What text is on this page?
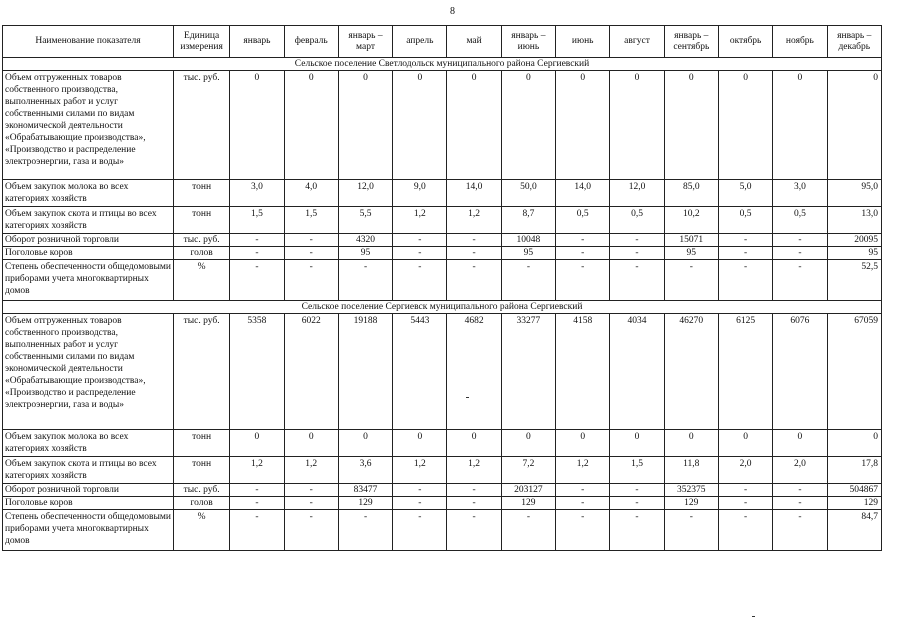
8
Наименование показателя	Единица измерения	январь	февраль	январь – март	апрель	май	январь – июнь	июнь	август	январь – сентябрь	октябрь	ноябрь	январь – декабрь
Сельское поселение Светлодольск муниципального района Сергиевский													
Объем отгруженных товаров собственного производства, выполненных работ и услуг собственными силами по видам экономической деятельности «Обрабатывающие производства», «Производство и распределение электроэнергии, газа и воды»	тыс. руб.	0	0	0	0	0	0	0	0	0	0	0	0
Объем закупок молока во всех категориях хозяйств	тонн	3,0	4,0	12,0	9,0	14,0	50,0	14,0	12,0	85,0	5,0	3,0	95,0
Объем закупок скота и птицы во всех категориях хозяйств	тонн	1,5	1,5	5,5	1,2	1,2	8,7	0,5	0,5	10,2	0,5	0,5	13,0
Оборот розничной торговли	тыс. руб.	-	-	4320	-	-	10048	-	-	15071	-	-	20095
Поголовье коров	голов	-	-	95	-	-	95	-	-	95	-	-	95
Степень обеспеченности общедомовыми приборами учета многоквартирных домов	%	-	-	-	-	-	-	-	-	-	-	-	52,5
Сельское поселение Сергиевск муниципального района Сергиевский													
Объем отгруженных товаров собственного производства, выполненных работ и услуг собственными силами по видам экономической деятельности «Обрабатывающие производства», «Производство и распределение электроэнергии, газа и воды»	тыс. руб.	5358	6022	19188	5443	4682	33277	4158	4034	46270	6125	6076	67059
Объем закупок молока во всех категориях хозяйств	тонн	0	0	0	0	0	0	0	0	0	0	0	0
Объем закупок скота и птицы во всех категориях хозяйств	тонн	1,2	1,2	3,6	1,2	1,2	7,2	1,2	1,5	11,8	2,0	2,0	17,8
Оборот розничной торговли	тыс. руб.	-	-	83477	-	-	203127	-	-	352375	-	-	504867
Поголовье коров	голов	-	-	129	-	-	129	-	-	129	-	-	129
Степень обеспеченности общедомовыми приборами учета многоквартирных домов	%	-	-	-	-	-	-	-	-	-	-	-	84,7
